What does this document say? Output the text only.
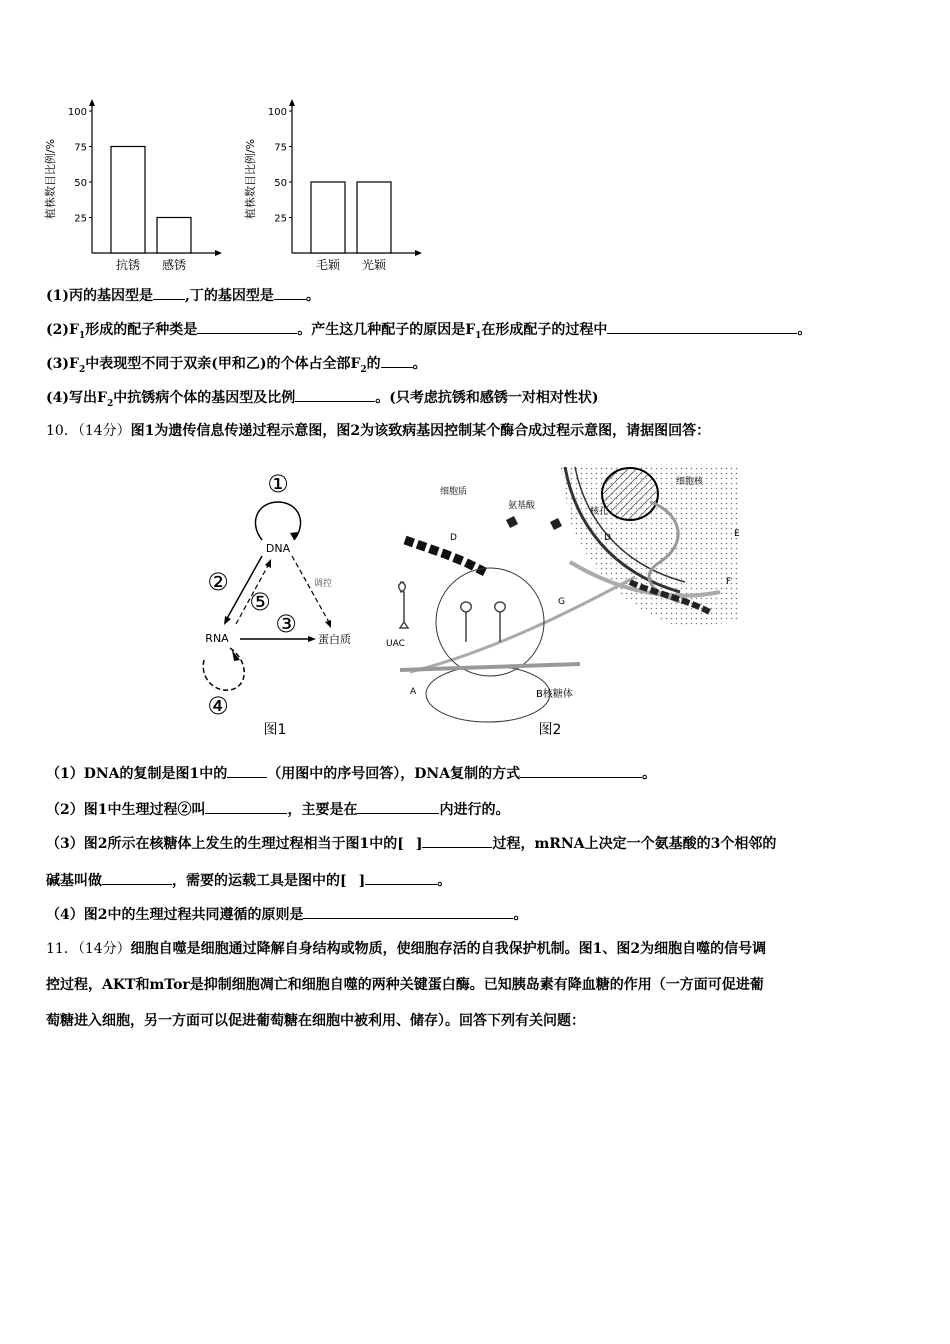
植株数目比例/%
100
75
50
25
抗锈 感锈
植株数目比例/%
100
75
50
25
毛颖 光颖
(1)丙的基因型是 ,丁的基因型是 。
$(2)F_1$形成的配子种类是	。产生这几种配子的原因是$F_1$在形成配子的过程中	。
$(3)F_2$中表现型不同于双亲(甲和乙)的个体占全部$F_2$的 。
(4)写出$F_2$中抗锈病个体的基因型及比例	。(只考虑抗锈和感锈一对相对性状)
10．（14分）图1为遗传信息传递过程示意图，图2为该致病基因控制某个酶合成过程示意图，请据图回答：
①
DNA
调控
②
⑤
③
RNA	蛋白质
④
图1
细胞质
氨基酸
细胞核
核孔
D	E
F
D
UAC
G
A	B核糖体
图2
（1）DNA的复制是图1中的	（用图中的序号回答），DNA复制的方式	。
（2）图1中生理过程②叫	，主要是在	内进行的。
（3）图2所示在核糖体上发生的生理过程相当于图1中的[ ]	过程，mRNA上决定一个氨基酸的3个相邻的
碱基叫做	，需要的运载工具是图中的[ ]	。
（4）图2中的生理过程共同遵循的原则是	。
11．（14分）细胞自噬是细胞通过降解自身结构或物质，使细胞存活的自我保护机制。图1、图2为细胞自噬的信号调
控过程，AKT和mTor是抑制细胞凋亡和细胞自噬的两种关键蛋白酶。已知胰岛素有降血糖的作用（一方面可促进葡
萄糖进入细胞，另一方面可以促进葡萄糖在细胞中被利用、储存）。回答下列有关问题：
